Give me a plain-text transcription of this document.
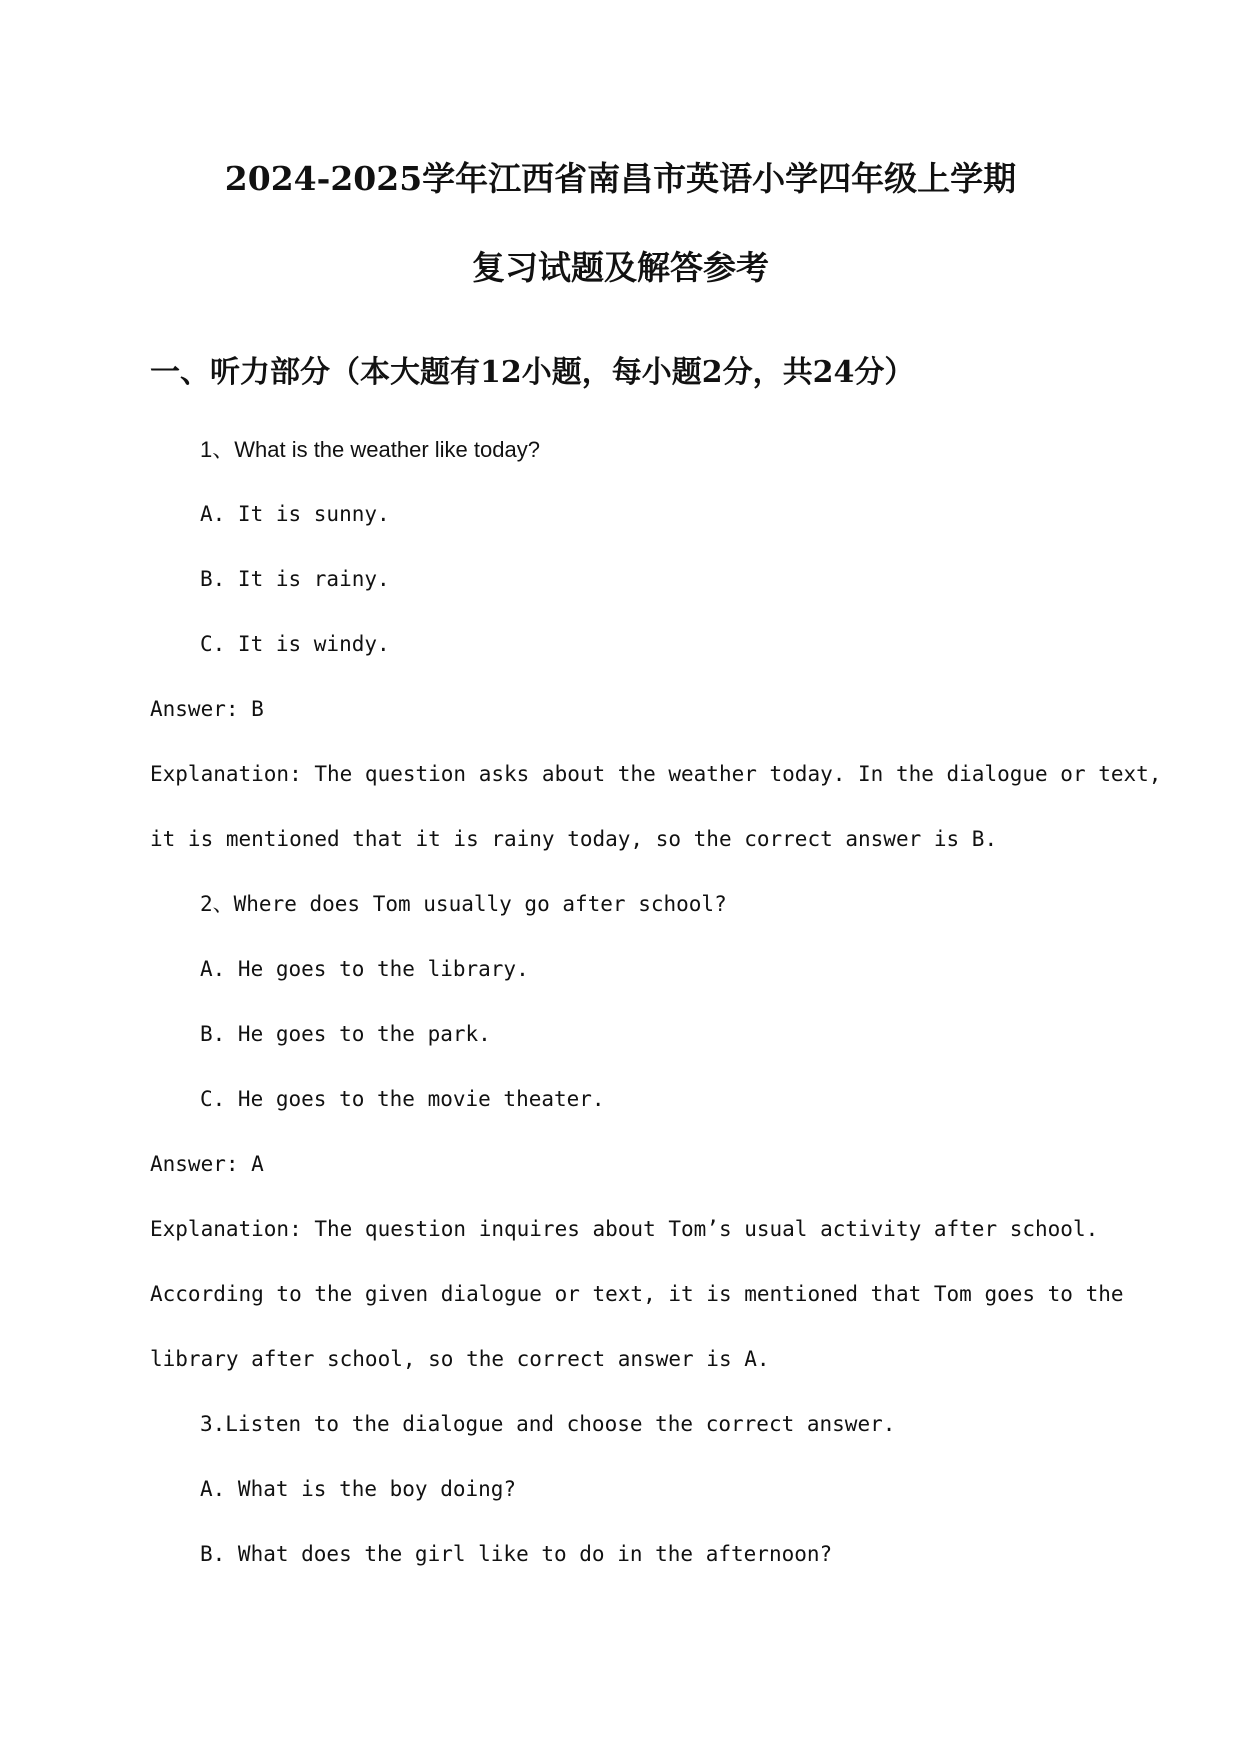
2024-2025学年江西省南昌市英语小学四年级上学期
复习试题及解答参考
一、听力部分（本大题有12小题，每小题2分，共24分）
1、What is the weather like today?
A. It is sunny.
B. It is rainy.
C. It is windy.
Answer: B
Explanation: The question asks about the weather today. In the dialogue or text,
it is mentioned that it is rainy today, so the correct answer is B.
2、Where does Tom usually go after school?
A. He goes to the library.
B. He goes to the park.
C. He goes to the movie theater.
Answer: A
Explanation: The question inquires about Tom’s usual activity after school.
According to the given dialogue or text, it is mentioned that Tom goes to the
library after school, so the correct answer is A.
3.Listen to the dialogue and choose the correct answer.
A. What is the boy doing?
B. What does the girl like to do in the afternoon?
